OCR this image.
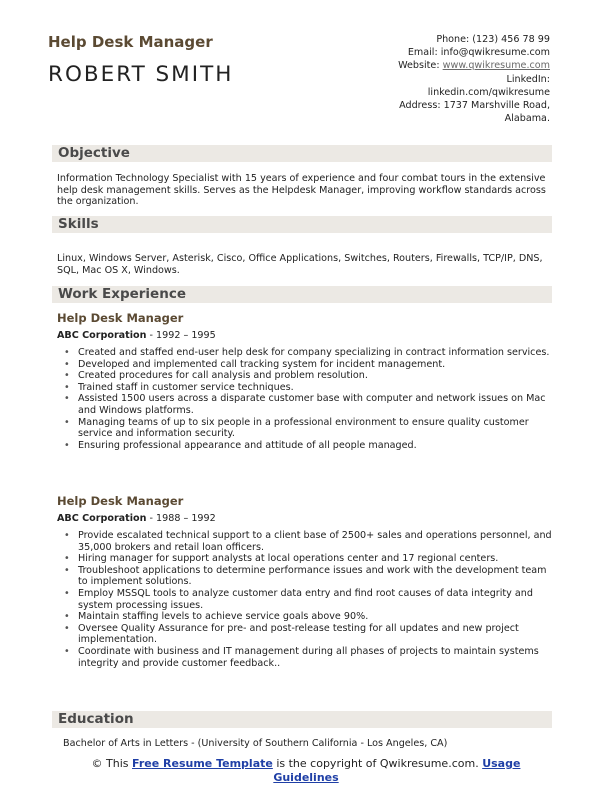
Help Desk Manager
ROBERT SMITH
Phone: (123) 456 78 99
Email: info@qwikresume.com
Website: www.qwikresume.com
LinkedIn:
linkedin.com/qwikresume
Address: 1737 Marshville Road,
Alabama.
Objective
Information Technology Specialist with 15 years of experience and four combat tours in the extensive help desk management skills. Serves as the Helpdesk Manager, improving workflow standards across the organization.
Skills
Linux, Windows Server, Asterisk, Cisco, Office Applications, Switches, Routers, Firewalls, TCP/IP, DNS, SQL, Mac OS X, Windows.
Work Experience
Help Desk Manager
ABC Corporation - 1992 – 1995
• Created and staffed end-user help desk for company specializing in contract information services.
• Developed and implemented call tracking system for incident management.
• Created procedures for call analysis and problem resolution.
• Trained staff in customer service techniques.
• Assisted 1500 users across a disparate customer base with computer and network issues on Mac and Windows platforms.
• Managing teams of up to six people in a professional environment to ensure quality customer service and information security.
• Ensuring professional appearance and attitude of all people managed.
Help Desk Manager
ABC Corporation - 1988 – 1992
• Provide escalated technical support to a client base of 2500+ sales and operations personnel, and 35,000 brokers and retail loan officers.
• Hiring manager for support analysts at local operations center and 17 regional centers.
• Troubleshoot applications to determine performance issues and work with the development team to implement solutions.
• Employ MSSQL tools to analyze customer data entry and find root causes of data integrity and system processing issues.
• Maintain staffing levels to achieve service goals above 90%.
• Oversee Quality Assurance for pre- and post-release testing for all updates and new project implementation.
• Coordinate with business and IT management during all phases of projects to maintain systems integrity and provide customer feedback..
Education
Bachelor of Arts in Letters - (University of Southern California - Los Angeles, CA)
© This Free Resume Template is the copyright of Qwikresume.com. Usage
Guidelines
